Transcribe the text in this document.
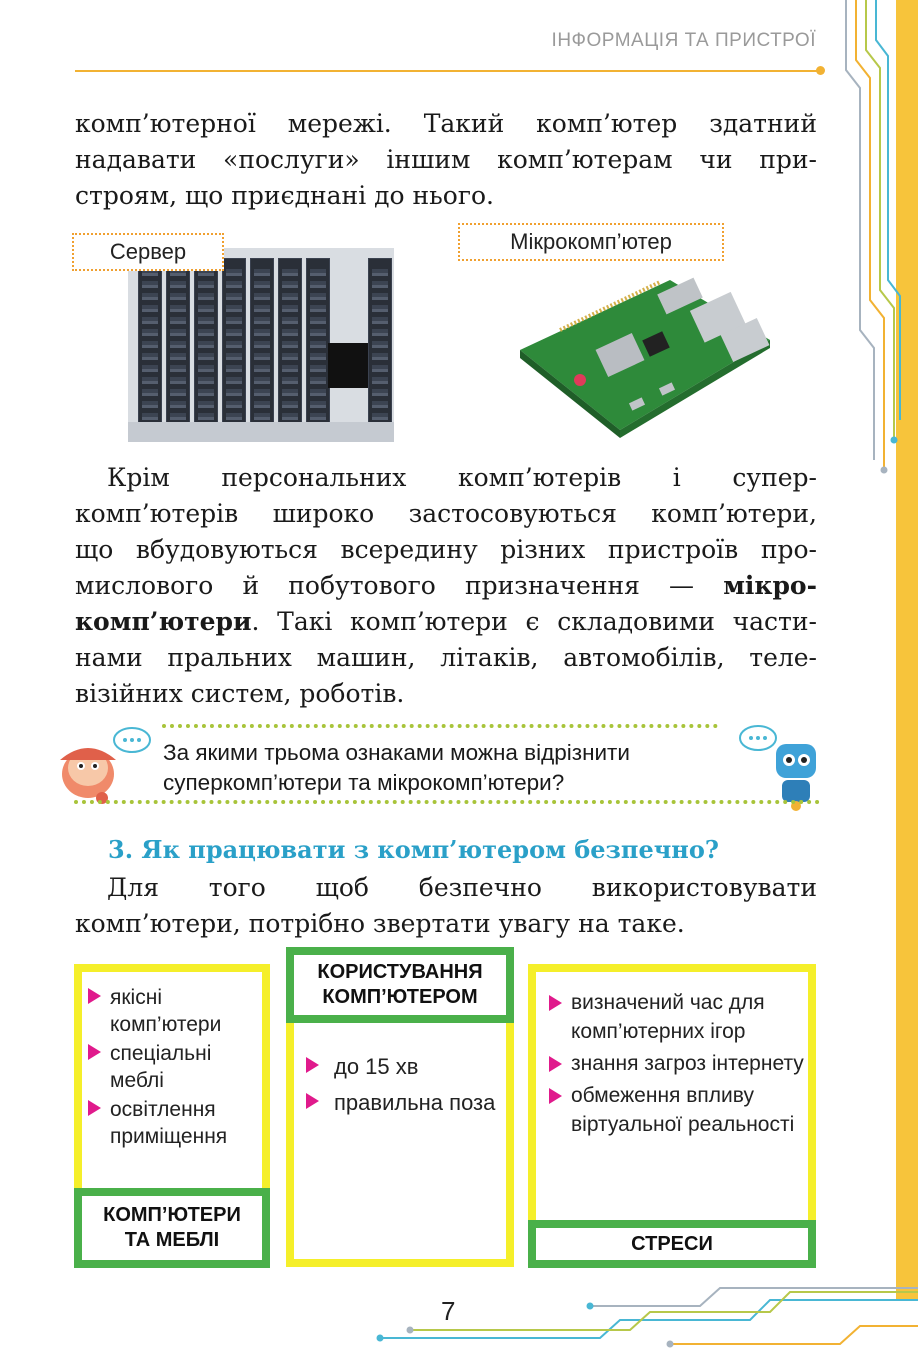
ІНФОРМАЦІЯ ТА ПРИСТРОЇ
комп’ютерної мережі. Такий комп’ютер здатний
надавати «послуги» іншим комп’ютерам чи при-
строям, що приєднані до нього.
Сервер	Мікрокомп’ютер
Крім персональних комп’ютерів і супер-
комп’ютерів широко застосовуються комп’ютери,
що вбудовуються всередину різних пристроїв про-
мислового й побутового призначення — мікро-
комп’ютери. Такі комп’ютери є складовими части-
нами пральних машин, літаків, автомобілів, теле-
візійних систем, роботів.
За якими трьома ознаками можна відрізнити
суперкомп’ютери та мікрокомп’ютери?
3. Як працювати з комп’ютером безпечно?
Для того щоб безпечно використовувати
комп’ютери, потрібно звертати увагу на таке.
якісні комп’ютери
спеціальні меблі
освітлення приміщення
КОМП’ЮТЕРИ
ТА МЕБЛІ
КОРИСТУВАННЯ
КОМП’ЮТЕРОМ
до 15 хв
правильна поза
визначений час для комп’ютерних ігор
знання загроз інтернету
обмеження впливу віртуальної реальності
СТРЕСИ
7
